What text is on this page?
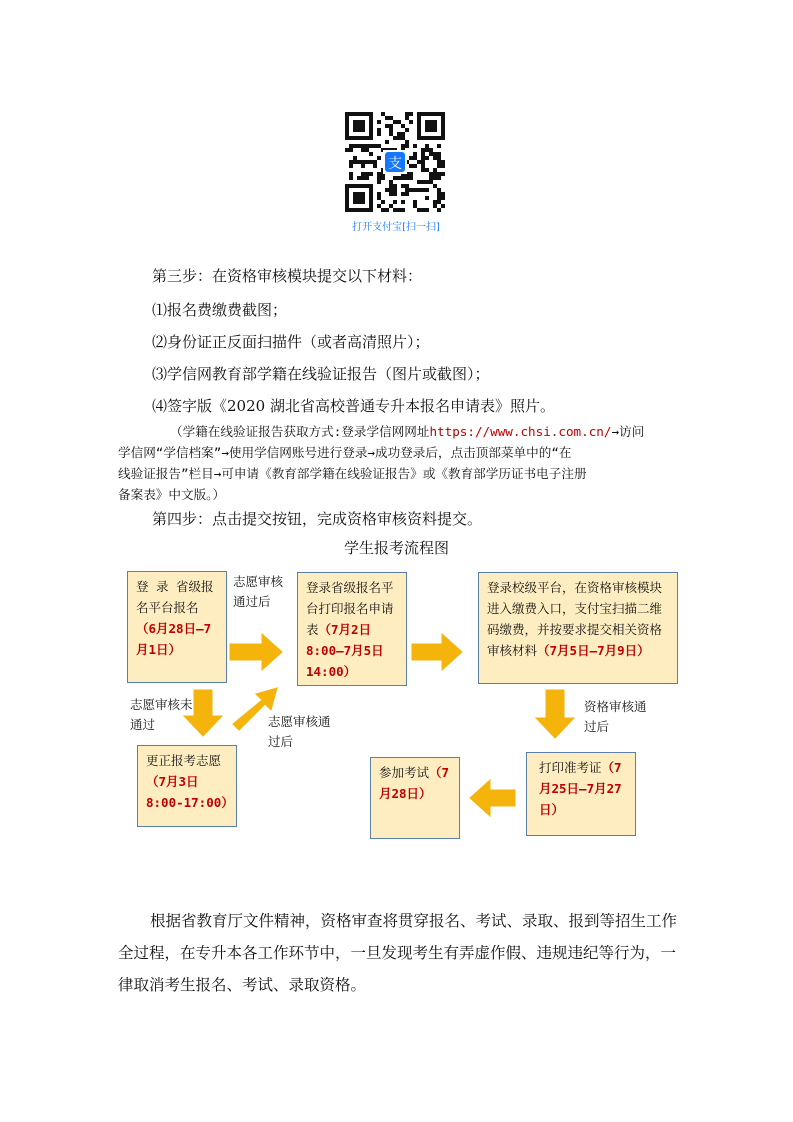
支
打开支付宝[扫一扫]
第三步：在资格审核模块提交以下材料：
⑴报名费缴费截图；
⑵身份证正反面扫描件（或者高清照片）；
⑶学信网教育部学籍在线验证报告（图片或截图）；
⑷签字版《2020 湖北省高校普通专升本报名申请表》照片。
（学籍在线验证报告获取方式:登录学信网网址https://www.chsi.com.cn/→访问
学信网“学信档案”→使用学信网账号进行登录→成功登录后，点击顶部菜单中的“在
线验证报告”栏目→可申请《教育部学籍在线验证报告》或《教育部学历证书电子注册
备案表》中文版。）
第四步：点击提交按钮，完成资格审核资料提交。
学生报考流程图
登 录 省级报名平台报名（6月28日—7月1日）
志愿审核通过后
登录省级报名平台打印报名申请表（7月2日 8:00—7月5日 14:00）
登录校级平台，在资格审核模块进入缴费入口，支付宝扫描二维码缴费，并按要求提交相关资格审核材料（7月5日—7月9日）
志愿审核未通过	志愿审核通过后
资格审核通过后
更正报考志愿（7月3日 8:00-17:00）
参加考试（7月28日）
打印准考证（7月25日—7月27日）
根据省教育厅文件精神，资格审查将贯穿报名、考试、录取、报到等招生工作全过程，在专升本各工作环节中，一旦发现考生有弄虚作假、违规违纪等行为，一律取消考生报名、考试、录取资格。
